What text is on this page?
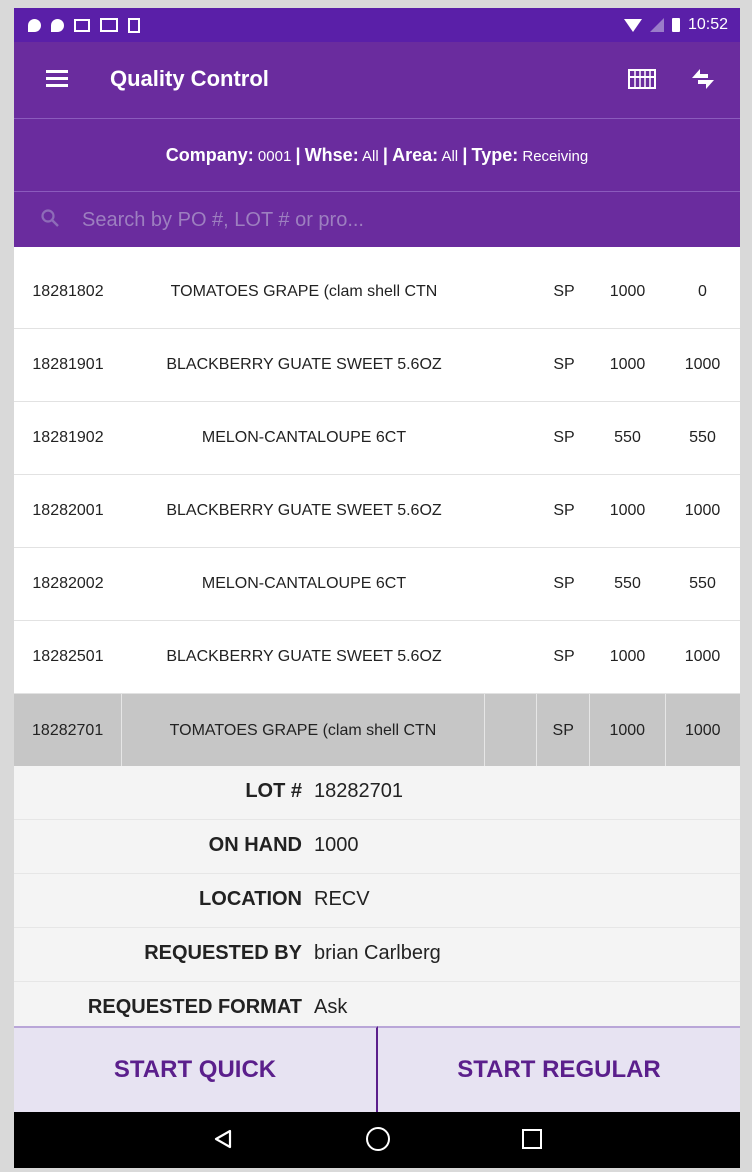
10:52
Quality Control
Company: 0001 | Whse: All | Area: All | Type: Receiving
Search by PO #, LOT # or pro...
18281802	TOMATOES GRAPE (clam shell CTN	SP	1000	0
18281901	BLACKBERRY GUATE SWEET 5.6OZ	SP	1000	1000
18281902	MELON-CANTALOUPE 6CT	SP	550	550
18282001	BLACKBERRY GUATE SWEET 5.6OZ	SP	1000	1000
18282002	MELON-CANTALOUPE 6CT	SP	550	550
18282501	BLACKBERRY GUATE SWEET 5.6OZ	SP	1000	1000
18282701	TOMATOES GRAPE (clam shell CTN	SP	1000	1000
LOT # 18282701
ON HAND 1000
LOCATION RECV
REQUESTED BY brian Carlberg
REQUESTED FORMAT Ask
START QUICK	START REGULAR
